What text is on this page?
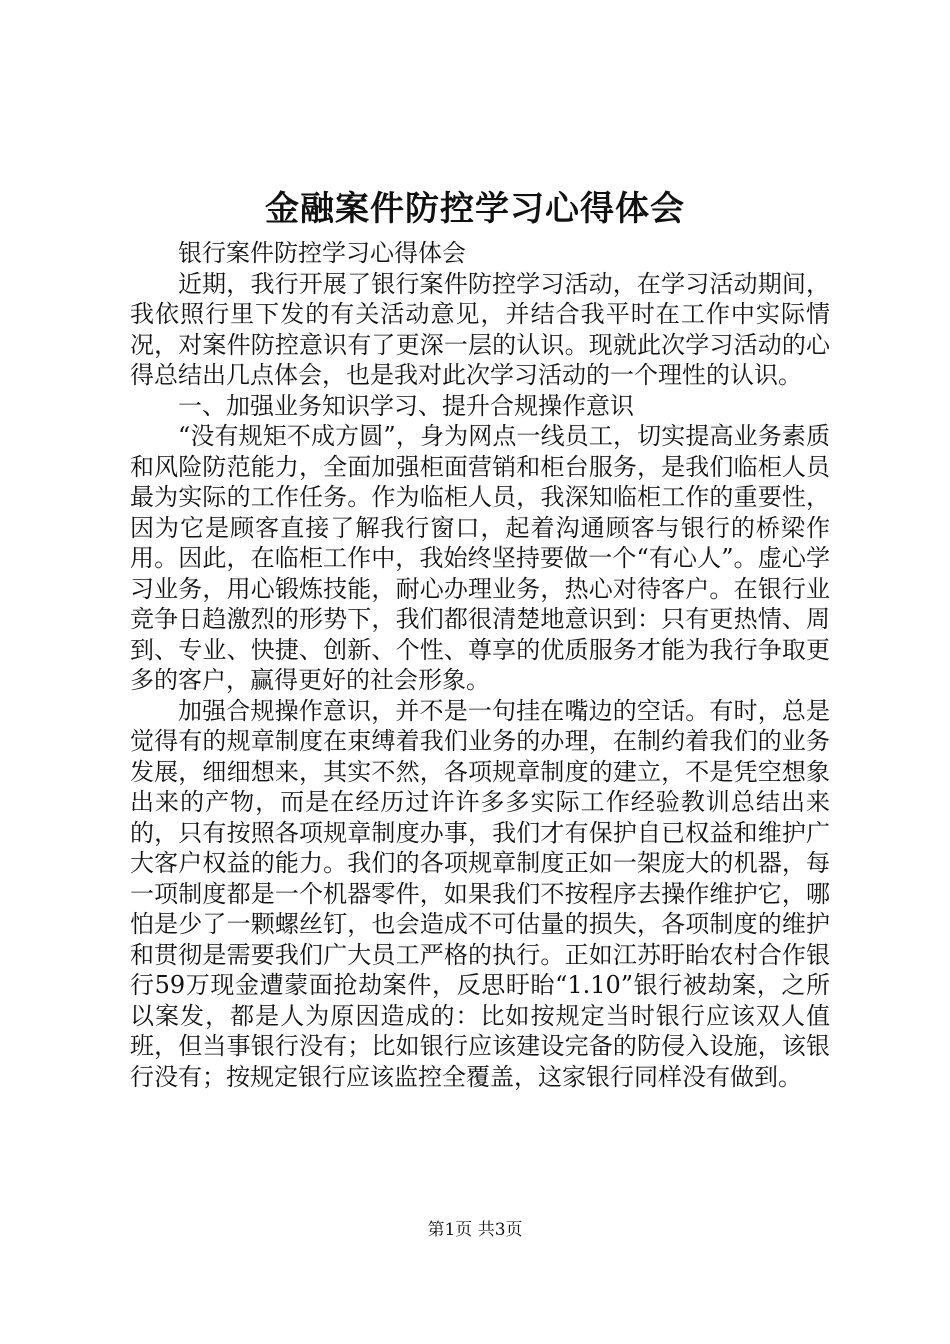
金融案件防控学习心得体会

银行案件防控学习心得体会

近期，我行开展了银行案件防控学习活动，在学习活动期间，我依照行里下发的有关活动意见，并结合我平时在工作中实际情况，对案件防控意识有了更深一层的认识。现就此次学习活动的心得总结出几点体会，也是我对此次学习活动的一个理性的认识。

一、加强业务知识学习、提升合规操作意识

“没有规矩不成方圆”，身为网点一线员工，切实提高业务素质和风险防范能力，全面加强柜面营销和柜台服务，是我们临柜人员最为实际的工作任务。作为临柜人员，我深知临柜工作的重要性，因为它是顾客直接了解我行窗口，起着沟通顾客与银行的桥梁作用。因此，在临柜工作中，我始终坚持要做一个“有心人”。虚心学习业务，用心锻炼技能，耐心办理业务，热心对待客户。在银行业竞争日趋激烈的形势下，我们都很清楚地意识到：只有更热情、周到、专业、快捷、创新、个性、尊享的优质服务才能为我行争取更多的客户，赢得更好的社会形象。

加强合规操作意识，并不是一句挂在嘴边的空话。有时，总是觉得有的规章制度在束缚着我们业务的办理，在制约着我们的业务发展，细细想来，其实不然，各项规章制度的建立，不是凭空想象出来的产物，而是在经历过许许多多实际工作经验教训总结出来的，只有按照各项规章制度办事，我们才有保护自已权益和维护广大客户权益的能力。我们的各项规章制度正如一架庞大的机器，每一项制度都是一个机器零件，如果我们不按程序去操作维护它，哪怕是少了一颗螺丝钉，也会造成不可估量的损失，各项制度的维护和贯彻是需要我们广大员工严格的执行。正如江苏盱眙农村合作银行59万现金遭蒙面抢劫案件，反思盱眙“1.10”银行被劫案，之所以案发，都是人为原因造成的：比如按规定当时银行应该双人值班，但当事银行没有；比如银行应该建设完备的防侵入设施，该银行没有；按规定银行应该监控全覆盖，这家银行同样没有做到。

第1页 共3页
